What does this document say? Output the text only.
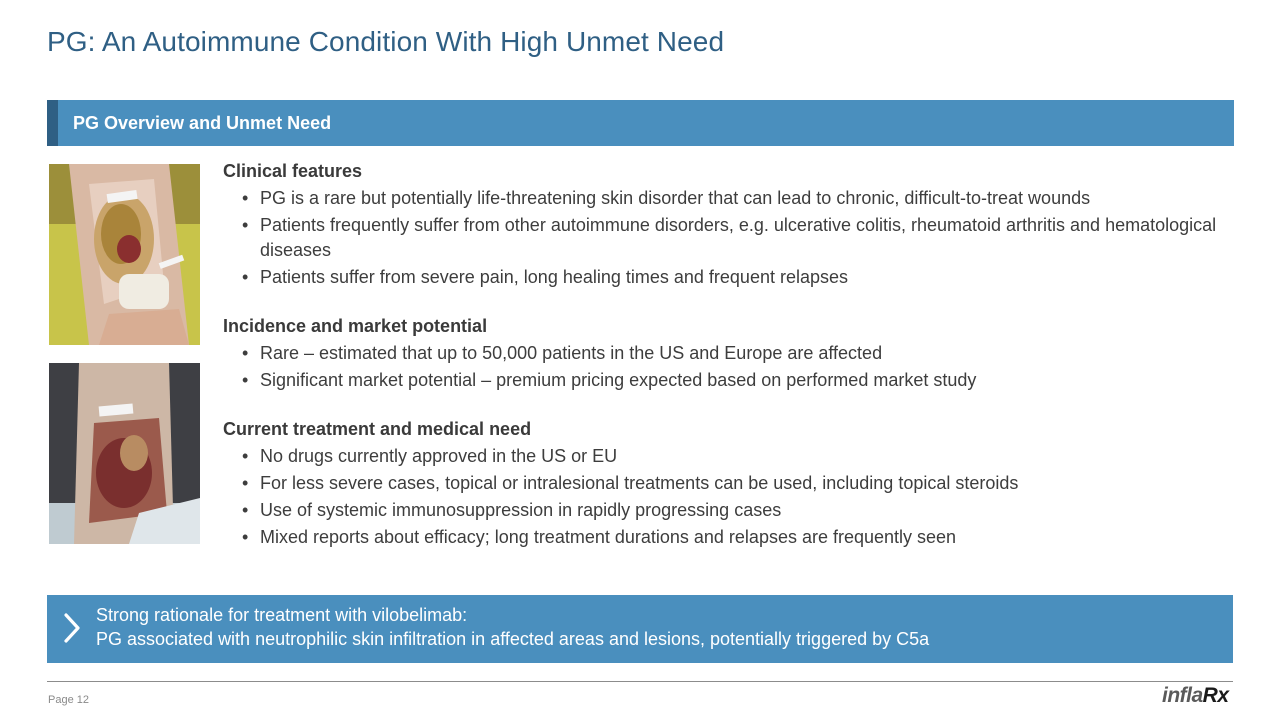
PG: An Autoimmune Condition With High Unmet Need
PG Overview and Unmet Need
Clinical features
• PG is a rare but potentially life-threatening skin disorder that can lead to chronic, difficult-to-treat wounds
• Patients frequently suffer from other autoimmune disorders, e.g. ulcerative colitis, rheumatoid arthritis and hematological diseases
• Patients suffer from severe pain, long healing times and frequent relapses
Incidence and market potential
• Rare – estimated that up to 50,000 patients in the US and Europe are affected
• Significant market potential – premium pricing expected based on performed market study
Current treatment and medical need
• No drugs currently approved in the US or EU
• For less severe cases, topical or intralesional treatments can be used, including topical steroids
• Use of systemic immunosuppression in rapidly progressing cases
• Mixed reports about efficacy; long treatment durations and relapses are frequently seen
Strong rationale for treatment with vilobelimab:
PG associated with neutrophilic skin infiltration in affected areas and lesions, potentially triggered by C5a
Page 12	inflaRx
